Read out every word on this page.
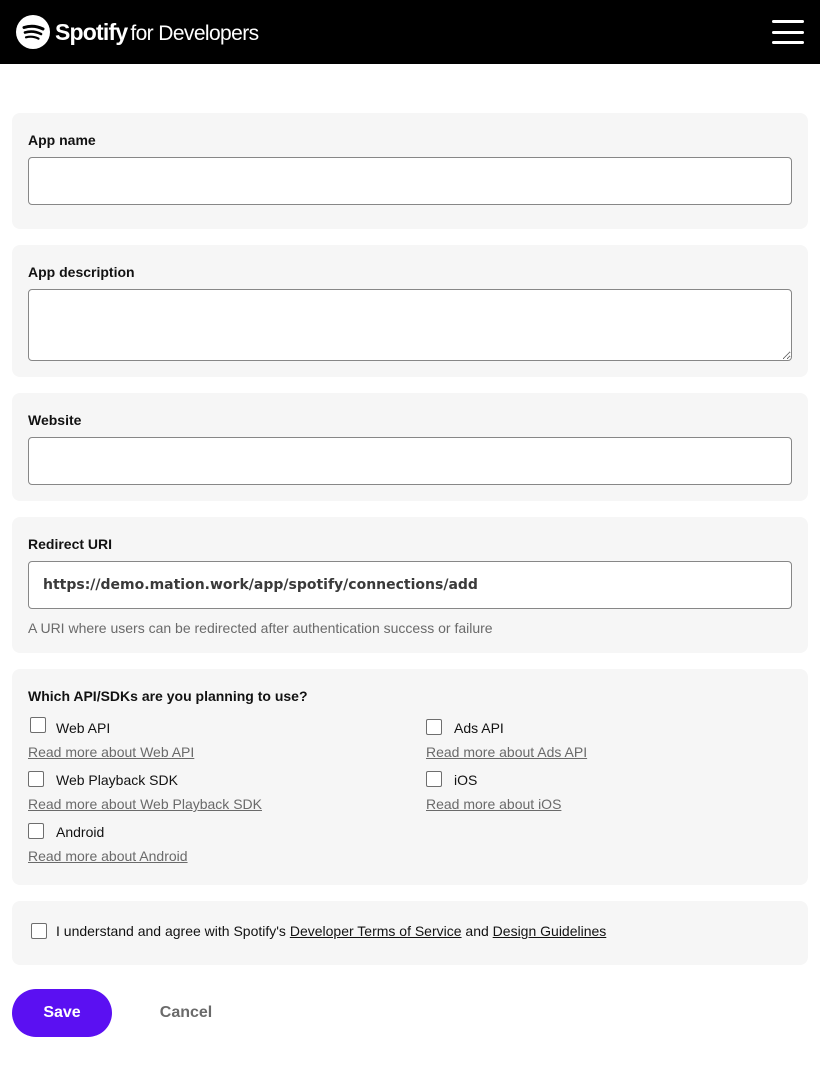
Spotify for Developers
App name
App description
Website
Redirect URI
https://demo.mation.work/app/spotify/connections/add
A URI where users can be redirected after authentication success or failure
Which API/SDKs are you planning to use?
Web API
Read more about Web API
Ads API
Read more about Ads API
Web Playback SDK
Read more about Web Playback SDK
iOS
Read more about iOS
Android
Read more about Android
I understand and agree with Spotify's Developer Terms of Service and Design Guidelines
Save	Cancel
